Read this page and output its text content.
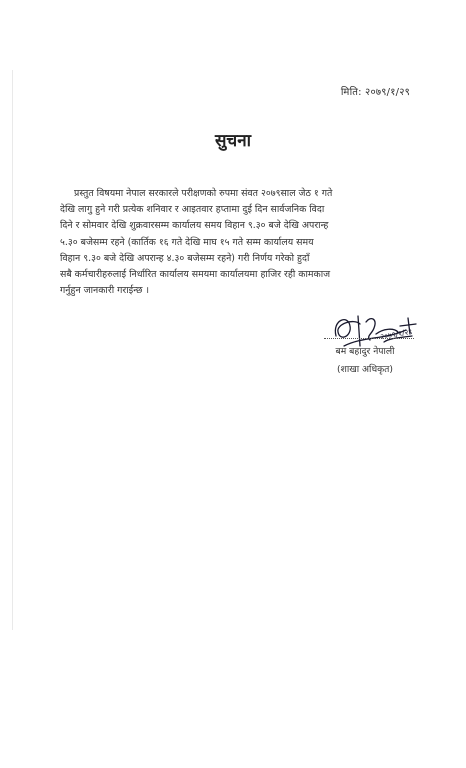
मिति: २०७९/१/२९
सुचना
प्रस्तुत विषयमा नेपाल सरकारले परीक्षणको रुपमा संवत २०७९साल जेठ १ गते
देखि लागु हुने गरी प्रत्येक शनिवार र आइतवार हप्तामा दुई दिन सार्वजनिक विदा
दिने र सोमवार देखि शुक्रवारसम्म कार्यालय समय विहान ९.३० बजे देखि अपरान्ह
५.३० बजेसम्म रहने (कार्तिक १६ गते देखि माघ १५ गते सम्म कार्यालय समय
विहान ९.३० बजे देखि अपरान्ह ४.३० बजेसम्म रहने) गरी निर्णय गरेको हुदाँ
सबै कर्मचारीहरुलाई निर्धारित कार्यालय समयमा कार्यालयमा हाजिर रही कामकाज
गर्नुहुन जानकारी गराईन्छ ।
२०७९/१/२९
बम बहादुर नेपाली
(शाखा अधिकृत)
